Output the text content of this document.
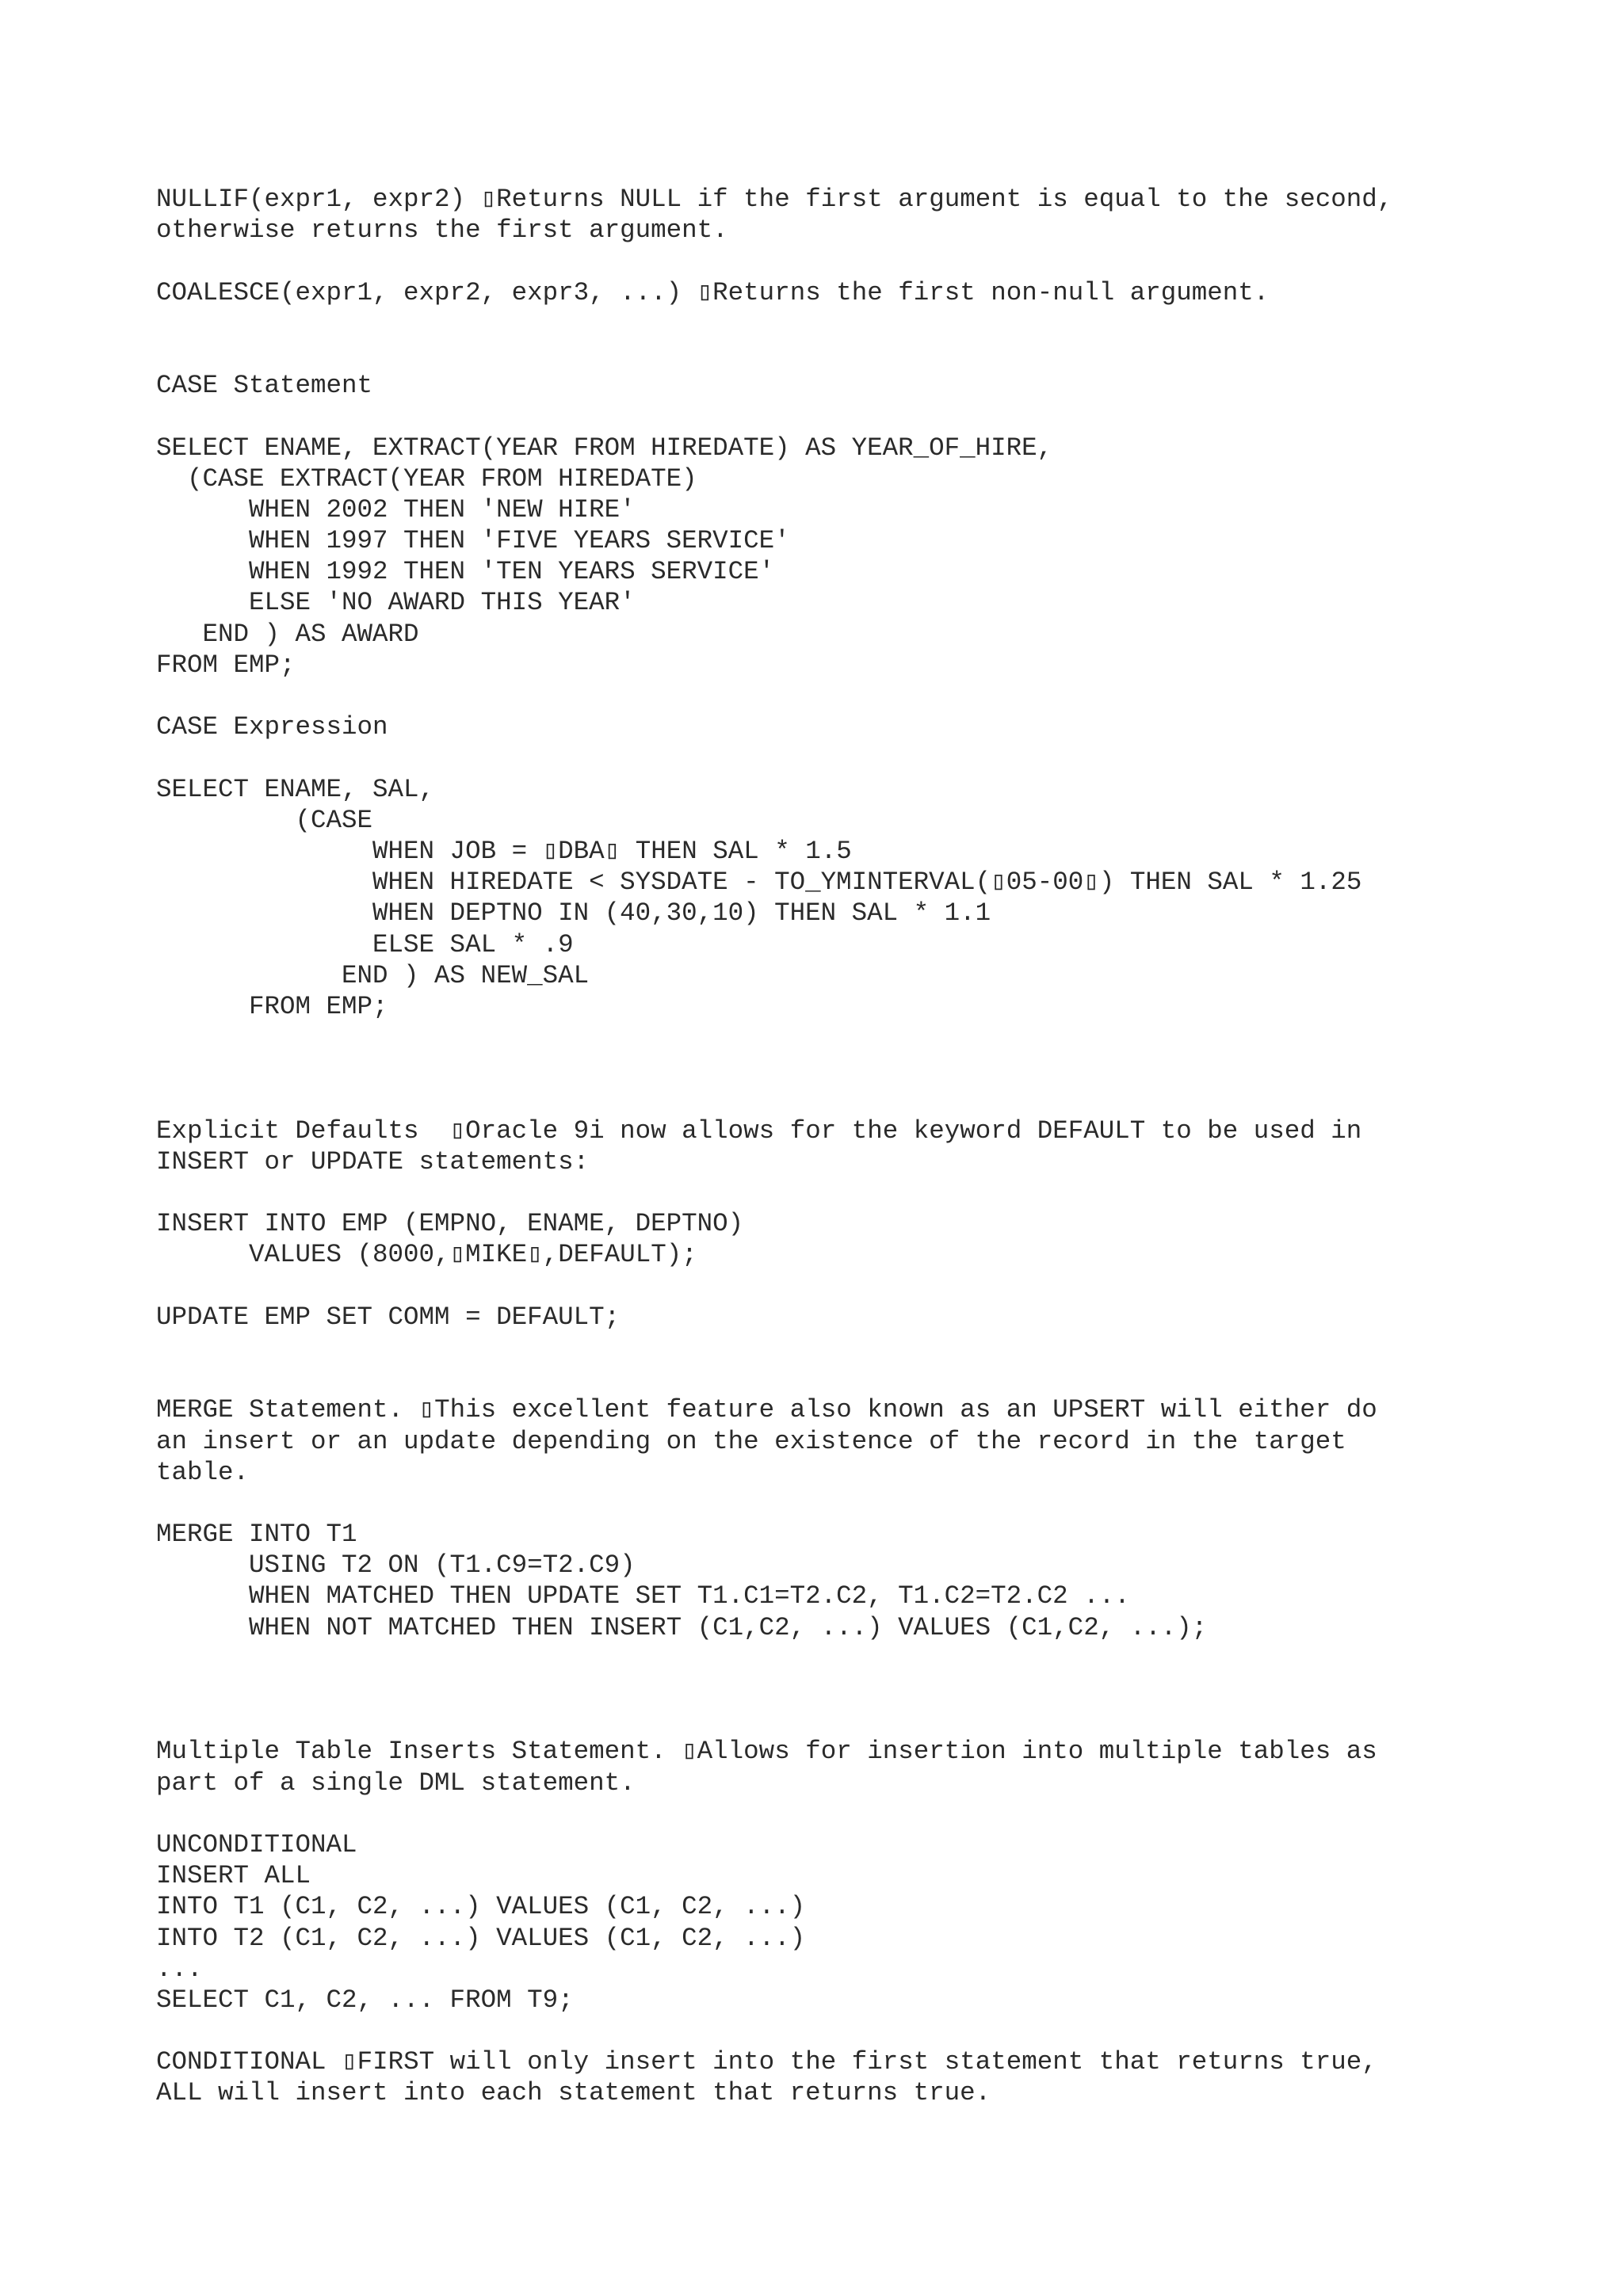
NULLIF(expr1, expr2) ▯Returns NULL if the first argument is equal to the second,
otherwise returns the first argument.
COALESCE(expr1, expr2, expr3, ...) ▯Returns the first non-null argument.
CASE Statement
SELECT ENAME, EXTRACT(YEAR FROM HIREDATE) AS YEAR_OF_HIRE,
(CASE EXTRACT(YEAR FROM HIREDATE)
WHEN 2002 THEN 'NEW HIRE'
WHEN 1997 THEN 'FIVE YEARS SERVICE'
WHEN 1992 THEN 'TEN YEARS SERVICE'
ELSE 'NO AWARD THIS YEAR'
END ) AS AWARD
FROM EMP;
CASE Expression
SELECT ENAME, SAL,
(CASE
WHEN JOB = ▯DBA▯ THEN SAL * 1.5
WHEN HIREDATE < SYSDATE - TO_YMINTERVAL(▯05-00▯) THEN SAL * 1.25
WHEN DEPTNO IN (40,30,10) THEN SAL * 1.1
ELSE SAL * .9
END ) AS NEW_SAL
FROM EMP;
Explicit Defaults  ▯Oracle 9i now allows for the keyword DEFAULT to be used in
INSERT or UPDATE statements:
INSERT INTO EMP (EMPNO, ENAME, DEPTNO)
VALUES (8000,▯MIKE▯,DEFAULT);
UPDATE EMP SET COMM = DEFAULT;
MERGE Statement. ▯This excellent feature also known as an UPSERT will either do
an insert or an update depending on the existence of the record in the target
table.
MERGE INTO T1
USING T2 ON (T1.C9=T2.C9)
WHEN MATCHED THEN UPDATE SET T1.C1=T2.C2, T1.C2=T2.C2 ...
WHEN NOT MATCHED THEN INSERT (C1,C2, ...) VALUES (C1,C2, ...);
Multiple Table Inserts Statement. ▯Allows for insertion into multiple tables as
part of a single DML statement.
UNCONDITIONAL
INSERT ALL
INTO T1 (C1, C2, ...) VALUES (C1, C2, ...)
INTO T2 (C1, C2, ...) VALUES (C1, C2, ...)
...
SELECT C1, C2, ... FROM T9;
CONDITIONAL ▯FIRST will only insert into the first statement that returns true,
ALL will insert into each statement that returns true.
